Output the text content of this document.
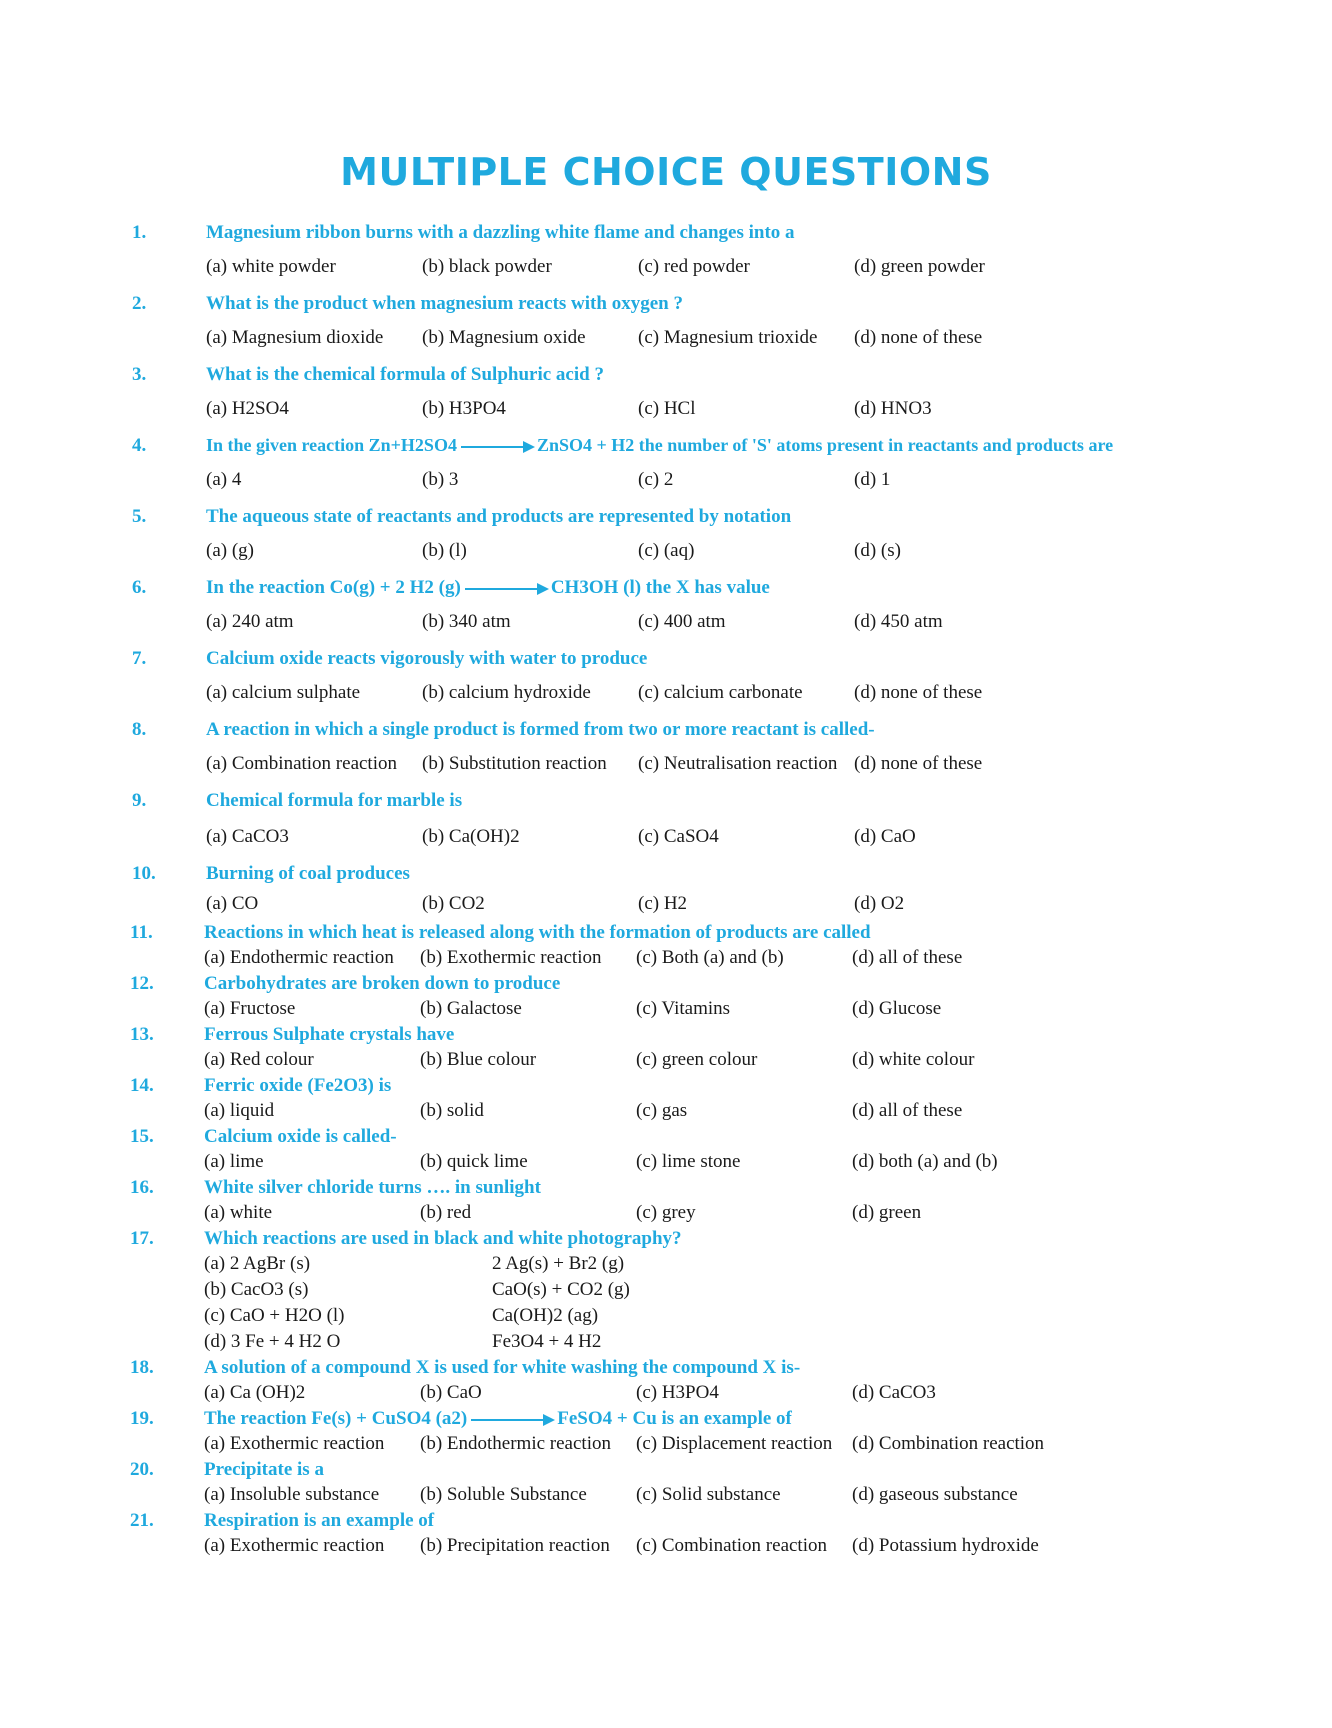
MULTIPLE CHOICE QUESTIONS
1.	Magnesium ribbon burns with a dazzling white flame and changes into a
(a) white powder	(b) black powder	(c) red powder	(d) green powder
2.	What is the product when magnesium reacts with oxygen ?
(a) Magnesium dioxide (b) Magnesium oxide	(c) Magnesium trioxide (d) none of these
3.	What is the chemical formula of Sulphuric acid ?
(a) H2SO4	(b) H3PO4	(c) HCl	(d) HNO3
4.	In the given reaction Zn+H2SO4 → ZnSO4 + H2 the number of 'S' atoms present in reactants and products are
(a) 4	(b) 3	(c) 2	(d) 1
5.	The aqueous state of reactants and products are represented by notation
(a) (g)	(b) (l)	(c) (aq)	(d) (s)
6.	In the reaction Co(g) + 2 H2 (g)	CH3OH (l) the X has value
(a) 240 atm	(b) 340 atm	(c) 400 atm	(d) 450 atm
7.	Calcium oxide reacts vigorously with water to produce
(a) calcium sulphate	(b) calcium hydroxide (c) calcium carbonate	(d) none of these
8.	A reaction in which a single product is formed from two or more reactant is called-
(a) Combination reaction (b) Substitution reaction (c) Neutralisation reaction (d) none of these
9.	Chemical formula for marble is
(a) CaCO3	(b) Ca(OH)2	(c) CaSO4	(d) CaO
10.	Burning of coal produces
(a) CO	(b) CO2	(c) H2	(d) O2
11.	Reactions in which heat is released along with the formation of products are called
(a) Endothermic reaction (b) Exothermic reaction (c) Both (a) and (b)	(d) all of these
12.	Carbohydrates are broken down to produce
(a) Fructose	(b) Galactose	(c) Vitamins	(d) Glucose
13.	Ferrous Sulphate crystals have
(a) Red colour	(b) Blue colour	(c) green colour	(d) white colour
14.	Ferric oxide (Fe2O3) is
(a) liquid	(b) solid	(c) gas	(d) all of these
15.	Calcium oxide is called-
(a) lime	(b) quick lime	(c) lime stone	(d) both (a) and (b)
16.	White silver chloride turns …. in sunlight
(a) white	(b) red	(c) grey	(d) green
17.	Which reactions are used in black and white photography?
(a) 2 AgBr (s)	2 Ag(s) + Br2 (g)
(b) CacO3 (s)	CaO(s) + CO2 (g)
(c) CaO + H2O (l)	Ca(OH)2 (ag)
(d) 3 Fe + 4 H2 O	Fe3O4 + 4 H2
18.	A solution of a compound X is used for white washing the compound X is-
(a) Ca (OH)2	(b) CaO	(c) H3PO4	(d) CaCO3
19.	The reaction Fe(s) + CuSO4 (a2)	FeSO4 + Cu is an example of
(a) Exothermic reaction (b) Endothermic reaction (c) Displacement reaction (d) Combination reaction
20.	Precipitate is a
(a) Insoluble substance (b) Soluble Substance	(c) Solid substance	(d) gaseous substance
21.	Respiration is an example of
(a) Exothermic reaction (b) Precipitation reaction (c) Combination reaction (d) Potassium hydroxide
